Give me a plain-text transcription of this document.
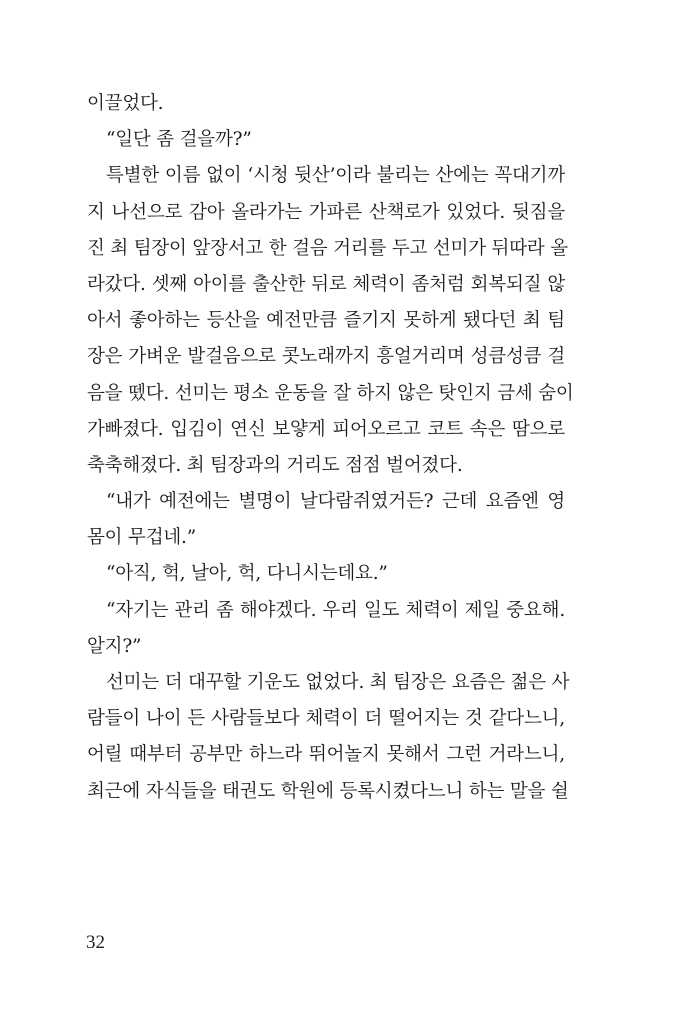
이끌었다.
“일단 좀 걸을까?”
특별한 이름 없이 ‘시청 뒷산’이라 불리는 산에는 꼭대기까
지 나선으로 감아 올라가는 가파른 산책로가 있었다. 뒷짐을
진 최 팀장이 앞장서고 한 걸음 거리를 두고 선미가 뒤따라 올
라갔다. 셋째 아이를 출산한 뒤로 체력이 좀처럼 회복되질 않
아서 좋아하는 등산을 예전만큼 즐기지 못하게 됐다던 최 팀
장은 가벼운 발걸음으로 콧노래까지 흥얼거리며 성큼성큼 걸
음을 뗐다. 선미는 평소 운동을 잘 하지 않은 탓인지 금세 숨이
가빠졌다. 입김이 연신 보얗게 피어오르고 코트 속은 땀으로
축축해졌다. 최 팀장과의 거리도 점점 벌어졌다.
“내가 예전에는 별명이 날다람쥐였거든? 근데 요즘엔 영
몸이 무겁네.”
“아직, 헉, 날아, 헉, 다니시는데요.”
“자기는 관리 좀 해야겠다. 우리 일도 체력이 제일 중요해.
알지?”
선미는 더 대꾸할 기운도 없었다. 최 팀장은 요즘은 젊은 사
람들이 나이 든 사람들보다 체력이 더 떨어지는 것 같다느니,
어릴 때부터 공부만 하느라 뛰어놀지 못해서 그런 거라느니,
최근에 자식들을 태권도 학원에 등록시켰다느니 하는 말을 쉴
32
